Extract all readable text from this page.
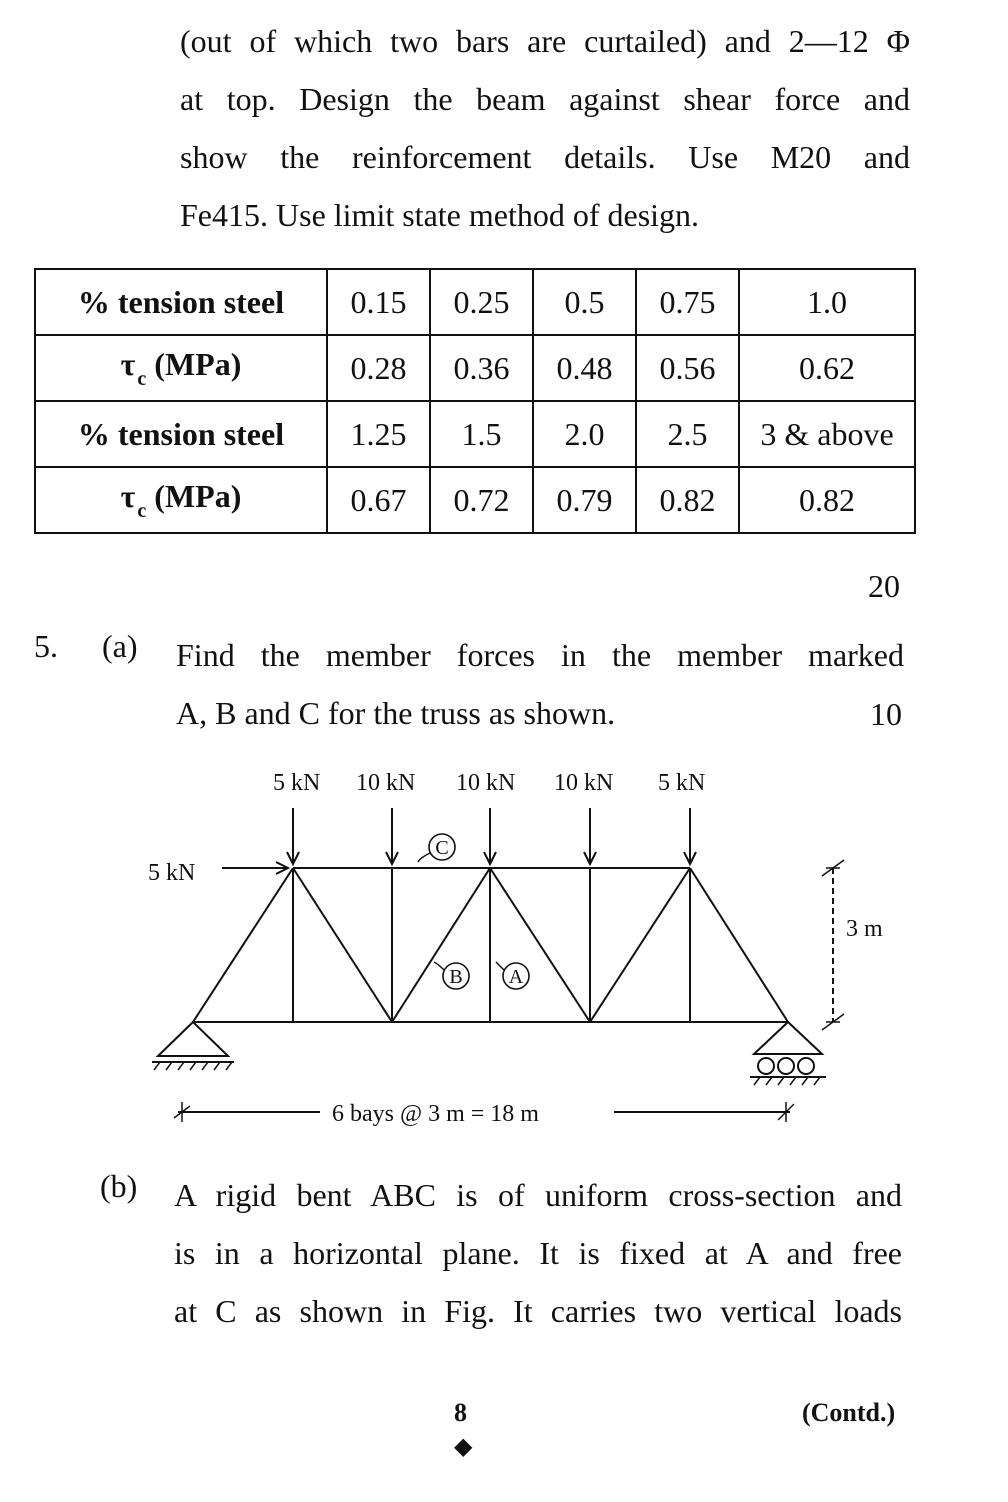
(out of which two bars are curtailed) and 2—12 Φ
at top. Design the beam against shear force and
show the reinforcement details. Use M20 and
Fe415. Use limit state method of design.
% tension steel	0.15	0.25	0.5	0.75	1.0
τ $_c$ (MPa)	0.28	0.36	0.48	0.56	0.62
% tension steel	1.25	1.5	2.0	2.5	3 & above
τ $_c$ (MPa)	0.67	0.72	0.79	0.82	0.82
20
5. (a) Find the member forces in the member marked
A, B and C for the truss as shown.	10
5 kN 10 kN 10 kN 10 kN 5 kN
5 kN
3 m
6 bays @ 3 m = 18 m
C
B A
(b) A rigid bent ABC is of uniform cross-section and
is in a horizontal plane. It is fixed at A and free
at C as shown in Fig. It carries two vertical loads
8
◆
(Contd.)
